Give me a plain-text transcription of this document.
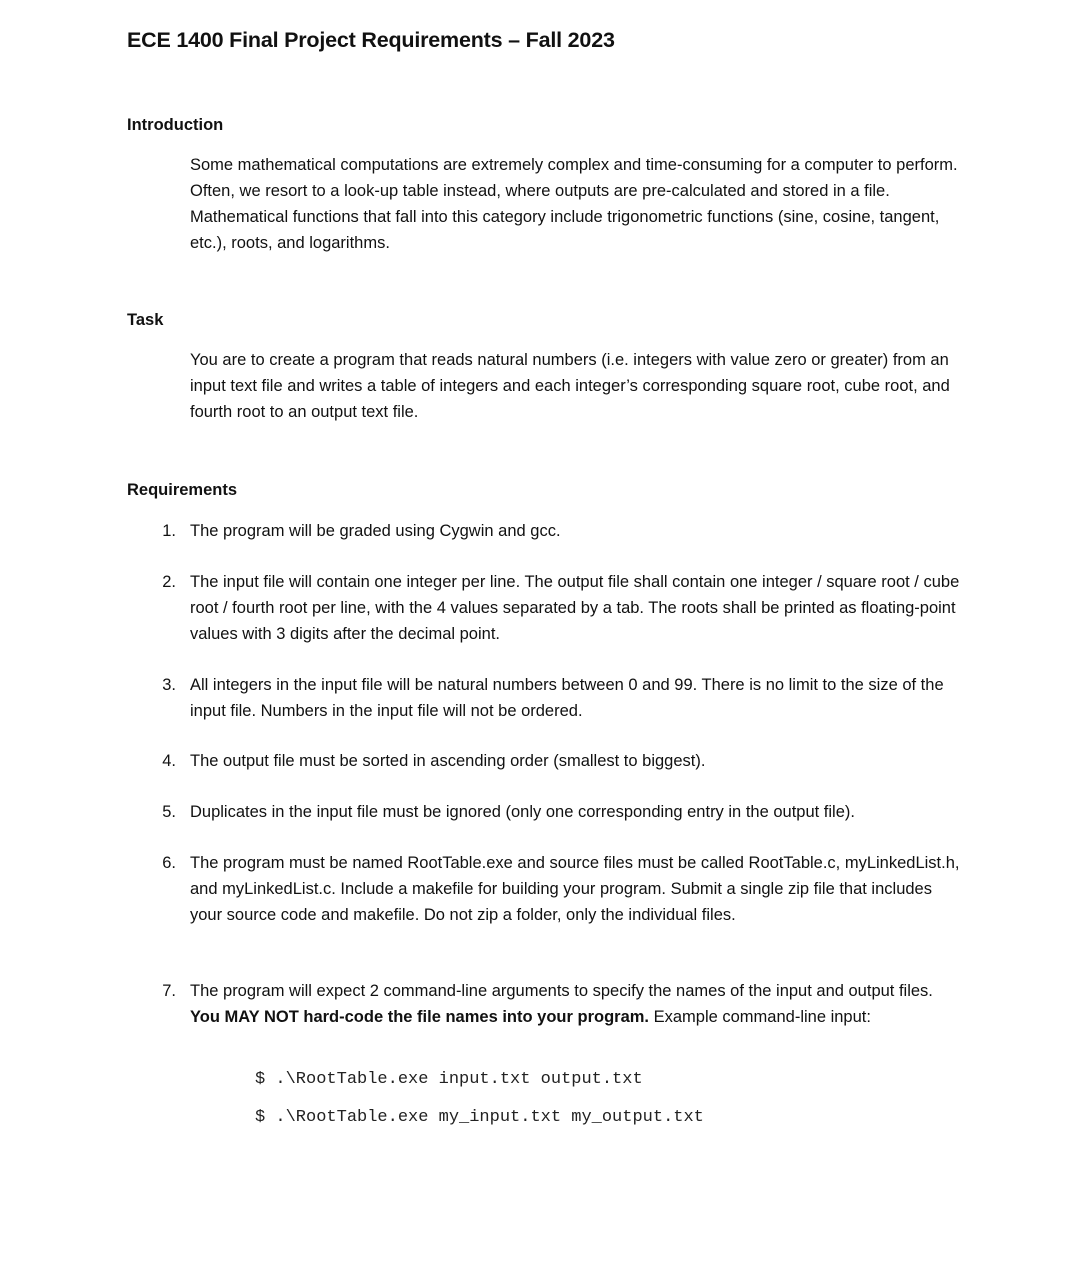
ECE 1400 Final Project Requirements – Fall 2023
Introduction

Some mathematical computations are extremely complex and time-consuming for a computer to perform. Often, we resort to a look-up table instead, where outputs are pre-calculated and stored in a file. Mathematical functions that fall into this category include trigonometric functions (sine, cosine, tangent, etc.), roots, and logarithms.

Task

You are to create a program that reads natural numbers (i.e. integers with value zero or greater) from an input text file and writes a table of integers and each integer’s corresponding square root, cube root, and fourth root to an output text file.

Requirements
1. The program will be graded using Cygwin and gcc.

2. The input file will contain one integer per line. The output file shall contain one integer / square root / cube root / fourth root per line, with the 4 values separated by a tab. The roots shall be printed as floating-point values with 3 digits after the decimal point.

3. All integers in the input file will be natural numbers between 0 and 99. There is no limit to the size of the input file. Numbers in the input file will not be ordered.

4. The output file must be sorted in ascending order (smallest to biggest).

5. Duplicates in the input file must be ignored (only one corresponding entry in the output file).

6. The program must be named RootTable.exe and source files must be called RootTable.c, myLinkedList.h, and myLinkedList.c. Include a makefile for building your program. Submit a single zip file that includes your source code and makefile. Do not zip a folder, only the individual files.

7. The program will expect 2 command-line arguments to specify the names of the input and output files. You MAY NOT hard-code the file names into your program. Example command-line input:

$ .\RootTable.exe input.txt output.txt
$ .\RootTable.exe my_input.txt my_output.txt
